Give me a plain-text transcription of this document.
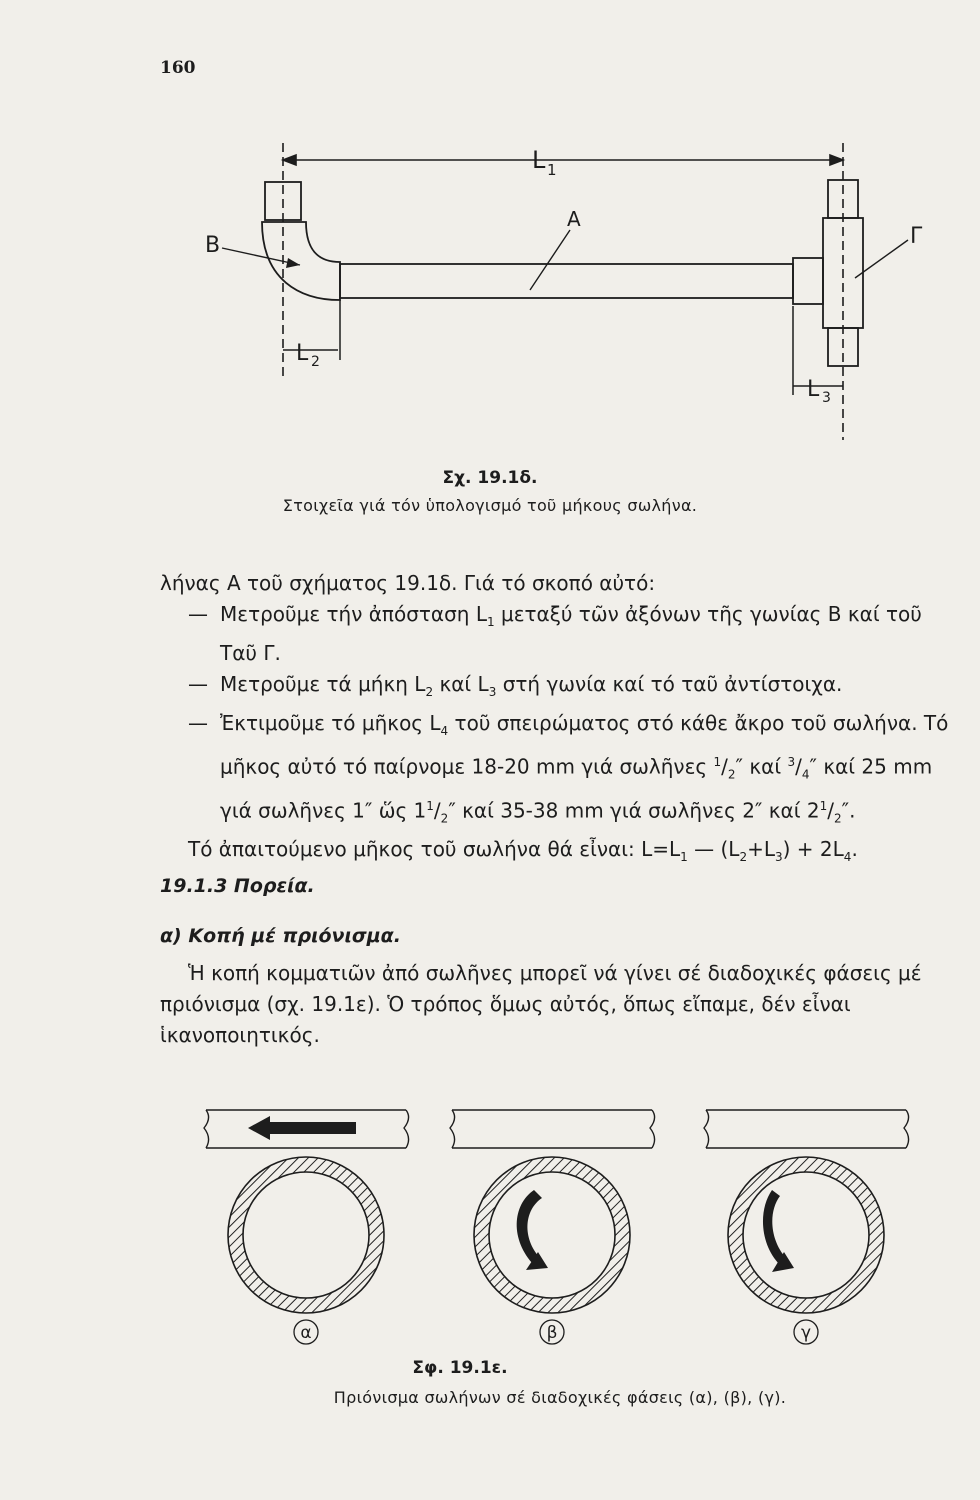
160
L 1
B
A
Γ
L 2
L 3
Σχ. 19.1δ.
Στοιχεῖα γιά τόν ὑπολογισμό τοῦ μήκους σωλήνα.

λήνας Α τοῦ σχήματος 19.1δ. Γιά τό σκοπό αὐτό:

— Μετροῦμε τήν ἀπόσταση $L_1$ μεταξύ τῶν ἀξόνων τῆς γωνίας Β καί τοῦ Ταῦ Γ.

— Μετροῦμε τά μήκη $L_2$ καί $L_3$ στή γωνία καί τό ταῦ ἀντίστοιχα.

— Ἐκτιμοῦμε τό μῆκος $L_4$ τοῦ σπειρώματος στό κάθε ἄκρο τοῦ σωλήνα. Τό μῆκος αὐτό τό παίρνομε 18-20 mm γιά σωλῆνες $^1/_2''$ καί $^3/_4''$ καί 25 mm γιά σωλῆνες 1″ ὥς $1^1/_2''$ καί 35-38 mm γιά σωλῆνες 2″ καί $2^1/_2''$.

Τό ἀπαιτούμενο μῆκος τοῦ σωλήνα θά εἶναι: $L=L_1$ — $(L_2+L_3) + 2L_4$.

19.1.3 Πορεία.
α) Κοπή μέ πριόνισμα.

Ἡ κοπή κομματιῶν ἀπό σωλῆνες μπορεῖ νά γίνει σέ διαδοχικές φάσεις μέ πριόνισμα (σχ. 19.1ε). Ὁ τρόπος ὅμως αὐτός, ὅπως εἴπαμε, δέν εἶναι ἱκανοποιητικός.

α	β	γ
Σφ. 19.1ε.
Πριόνισμα σωλήνων σέ διαδοχικές φάσεις (α), (β), (γ).
